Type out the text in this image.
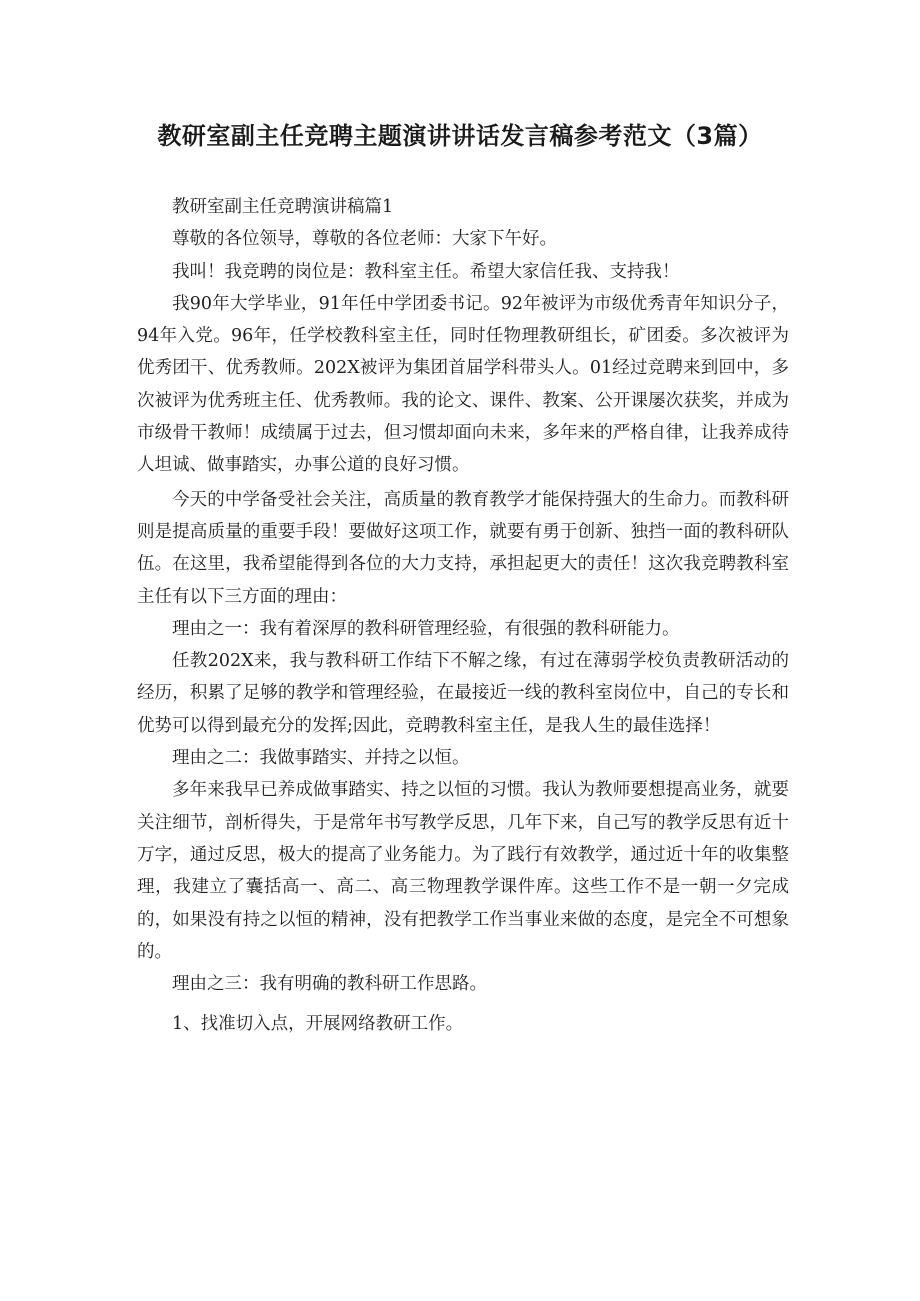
教研室副主任竞聘主题演讲讲话发言稿参考范文（3篇）

教研室副主任竞聘演讲稿篇1

尊敬的各位领导，尊敬的各位老师：大家下午好。

我叫！我竞聘的岗位是：教科室主任。希望大家信任我、支持我！

我90年大学毕业，91年任中学团委书记。92年被评为市级优秀青年知识分子，94年入党。96年，任学校教科室主任，同时任物理教研组长，矿团委。多次被评为优秀团干、优秀教师。202X被评为集团首届学科带头人。01经过竞聘来到回中，多次被评为优秀班主任、优秀教师。我的论文、课件、教案、公开课屡次获奖，并成为市级骨干教师！成绩属于过去，但习惯却面向未来，多年来的严格自律，让我养成待人坦诚、做事踏实，办事公道的良好习惯。

今天的中学备受社会关注，高质量的教育教学才能保持强大的生命力。而教科研则是提高质量的重要手段！要做好这项工作，就要有勇于创新、独挡一面的教科研队伍。在这里，我希望能得到各位的大力支持，承担起更大的责任！这次我竞聘教科室主任有以下三方面的理由：

理由之一：我有着深厚的教科研管理经验，有很强的教科研能力。

任教202X来，我与教科研工作结下不解之缘，有过在薄弱学校负责教研活动的经历，积累了足够的教学和管理经验，在最接近一线的教科室岗位中，自己的专长和优势可以得到最充分的发挥;因此，竞聘教科室主任，是我人生的最佳选择！

理由之二：我做事踏实、并持之以恒。

多年来我早已养成做事踏实、持之以恒的习惯。我认为教师要想提高业务，就要关注细节，剖析得失，于是常年书写教学反思，几年下来，自己写的教学反思有近十万字，通过反思，极大的提高了业务能力。为了践行有效教学，通过近十年的收集整理，我建立了囊括高一、高二、高三物理教学课件库。这些工作不是一朝一夕完成的，如果没有持之以恒的精神，没有把教学工作当事业来做的态度，是完全不可想象的。

理由之三：我有明确的教科研工作思路。

1、找准切入点，开展网络教研工作。
